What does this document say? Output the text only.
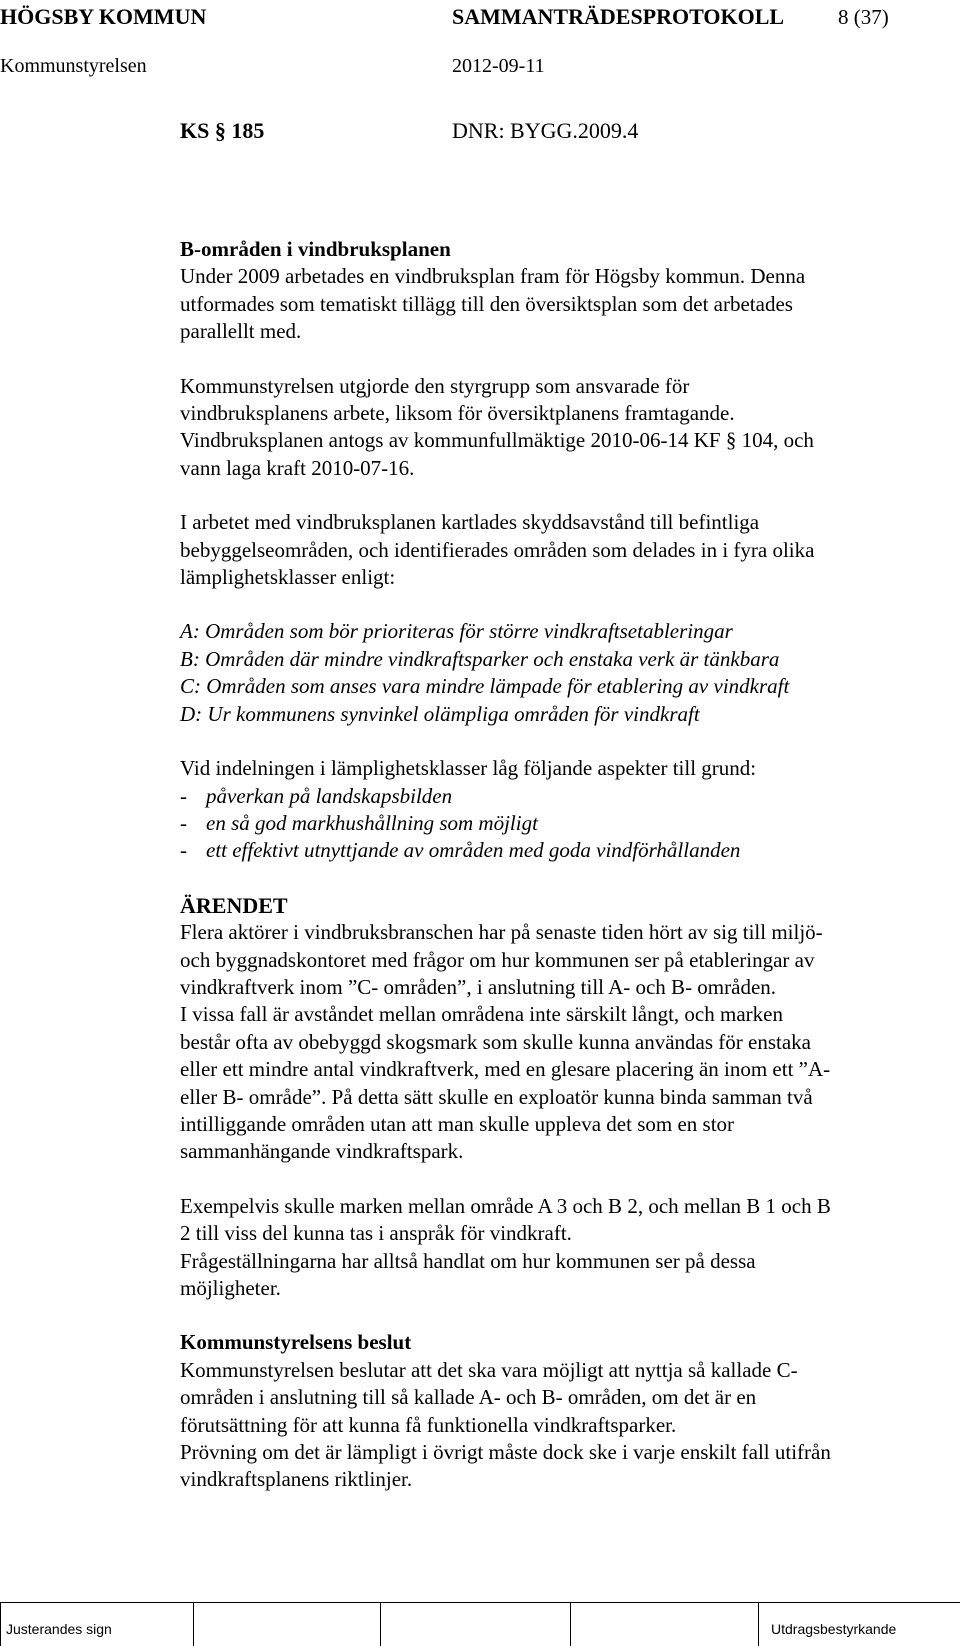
HÖGSBY KOMMUN	SAMMANTRÄDESPROTOKOLL	8 (37)
Kommunstyrelsen	2012-09-11
KS § 185	DNR: BYGG.2009.4

B-områden i vindbruksplanen

Under 2009 arbetades en vindbruksplan fram för Högsby kommun. Denna

utformades som tematiskt tillägg till den översiktsplan som det arbetades

parallellt med.

Kommunstyrelsen utgjorde den styrgrupp som ansvarade för

vindbruksplanens arbete, liksom för översiktplanens framtagande.

Vindbruksplanen antogs av kommunfullmäktige 2010-06-14 KF § 104, och

vann laga kraft 2010-07-16.

I arbetet med vindbruksplanen kartlades skyddsavstånd till befintliga

bebyggelseområden, och identifierades områden som delades in i fyra olika

lämplighetsklasser enligt:

A: Områden som bör prioriteras för större vindkraftsetableringar

B: Områden där mindre vindkraftsparker och enstaka verk är tänkbara

C: Områden som anses vara mindre lämpade för etablering av vindkraft

D: Ur kommunens synvinkel olämpliga områden för vindkraft

Vid indelningen i lämplighetsklasser låg följande aspekter till grund:

- påverkan på landskapsbilden
- en så god markhushållning som möjligt
- ett effektivt utnyttjande av områden med goda vindförhållanden

ÄRENDET

Flera aktörer i vindbruksbranschen har på senaste tiden hört av sig till miljö-

och byggnadskontoret med frågor om hur kommunen ser på etableringar av

vindkraftverk inom ”C- områden”, i anslutning till A- och B- områden.

I vissa fall är avståndet mellan områdena inte särskilt långt, och marken

består ofta av obebyggd skogsmark som skulle kunna användas för enstaka

eller ett mindre antal vindkraftverk, med en glesare placering än inom ett ”A-

eller B- område”. På detta sätt skulle en exploatör kunna binda samman två

intilliggande områden utan att man skulle uppleva det som en stor

sammanhängande vindkraftspark.

Exempelvis skulle marken mellan område A 3 och B 2, och mellan B 1 och B

2 till viss del kunna tas i anspråk för vindkraft.

Frågeställningarna har alltså handlat om hur kommunen ser på dessa

möjligheter.

Kommunstyrelsens beslut

Kommunstyrelsen beslutar att det ska vara möjligt att nyttja så kallade C-

områden i anslutning till så kallade A- och B- områden, om det är en

förutsättning för att kunna få funktionella vindkraftsparker.

Prövning om det är lämpligt i övrigt måste dock ske i varje enskilt fall utifrån

vindkraftsplanens riktlinjer.

Justerandes sign	Utdragsbestyrkande
